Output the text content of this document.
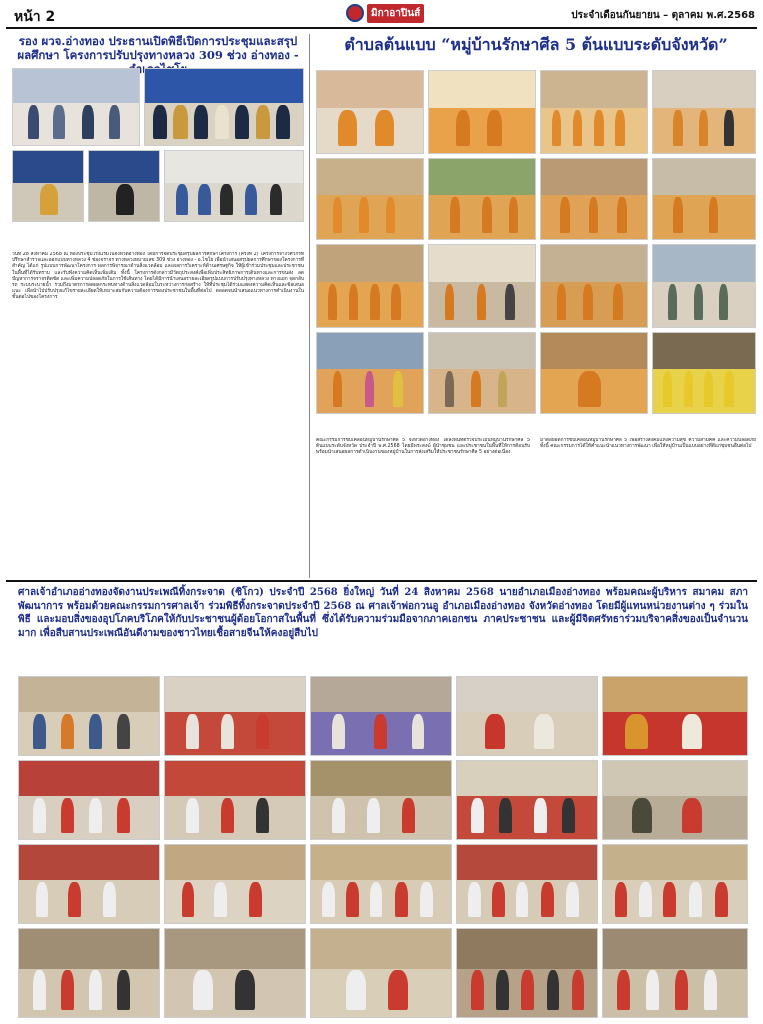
หน้า 2	มิกาอาปินส์	ประจำเดือนกันยายน – ตุลาคม พ.ศ.2568
รอง ผวจ.อ่างทอง ประธานเปิดพิธีเปิดการประชุมและสรุปผลศึกษา โครงการปรับปรุงทางหลวง 309 ช่วง อ่างทอง -
วันที่ 28 สิงหาคม 2568 ณ ห้องประชุมโรงแรมในจังหวัดอ่างทอง ได้มีการจัดประชุมสรุปผลการศึกษาโครงการ (ครั้งที่ 2) โครงการจ้างวิศวกรที่ปรึกษาสำรวจและออกแบบทางหลวง 4 ช่องจราจร ทางหลวงหมายเลข 309 ช่วง อ่างทอง - อ.ไชโย เพื่อนำเสนอสรุปผลการศึกษาของโครงการที่สำคัญ ได้แก่ รูปแบบการพัฒนาโครงการ ผลการพิจารณาด้านสิ่งแวดล้อม และผลการวิเคราะห์ด้านเศรษฐกิจ ให้ผู้เข้าร่วมประชุมและประชาชนในพื้นที่ได้รับทราบ และรับฟังความคิดเห็นเพิ่มเติม ทั้งนี้ โครงการดังกล่าวมีวัตถุประสงค์เพื่อเพิ่มประสิทธิภาพการเดินทางและการขนส่ง ลดปัญหาการจราจรติดขัด และเพิ่มความปลอดภัยในการใช้เส้นทาง โดยได้มีการนำเสนอรายละเอียดรูปแบบการปรับปรุงทางหลวง ทางแยก จุดกลับรถ ระบบระบายน้ำ รวมถึงมาตรการลดผลกระทบทางด้านสิ่งแวดล้อมในระหว่างการก่อสร้าง ให้ที่ประชุมได้ร่วมแสดงความคิดเห็นและข้อเสนอแนะ เพื่อนำไปปรับปรุงแก้ไขรายละเอียดให้เหมาะสมกับความต้องการของประชาชนในพื้นที่ต่อไป ตลอดจนนำเสนอแนวทางการดำเนินงานในขั้นต่อไปของโครงการ
ตำบลต้นแบบ “หมู่บ้านรักษาศีล 5 ต้นแบบระดับจังหวัด”
คณะกรรมการขับเคลื่อนหมู่บ้านรักษาศีล 5 จังหวัดอ่างทอง ได้ลงพื้นที่ตรวจประเมินหมู่บ้านรักษาศีล 5 ต้นแบบระดับจังหวัด ประจำปี พ.ศ.2568 โดยมีพระสงฆ์ ผู้นำชุมชน และประชาชนในพื้นที่ให้การต้อนรับ พร้อมนำเสนอผลการดำเนินงานของหมู่บ้านในการส่งเสริมให้ประชาชนรักษาศีล 5 อย่างต่อเนื่อง
มาต่อยอดการขับเคลื่อนหมู่บ้านรักษาศีล 5 เพื่อสร้างสังคมแห่งความสุข ความสามัคคี และความปลอดภัย ทั้งนี้ คณะกรรมการได้ให้คำแนะนำแนวทางการพัฒนา เพื่อให้หมู่บ้านเป็นแบบอย่างที่ดีแก่ชุมชนอื่นต่อไป
ศาลเจ้าอำเภออ่างทองจัดงานประเพณีทิ้งกระจาด (ซิโกว) ประจำปี 2568 ยิ่งใหญ่ วันที่ 24 สิงหาคม 2568 นายอำเภอเมืองอ่างทอง พร้อมคณะผู้บริหาร สมาคม สภาพัฒนาการ พร้อมด้วยคณะกรรมการศาลเจ้า ร่วมพิธีทิ้งกระจาดประจำปี 2568 ณ ศาลเจ้าพ่อกวนอู อำเภอเมืองอ่างทอง จังหวัดอ่างทอง โดยมีผู้แทนหน่วยงานต่าง ๆ ร่วมในพิธี และมอบสิ่งของอุปโภคบริโภคให้กับประชาชนผู้ด้อยโอกาสในพื้นที่ ซึ่งได้รับความร่วมมือจากภาคเอกชน ภาคประชาชน และผู้มีจิตศรัทธาร่วมบริจาคสิ่งของเป็นจำนวนมาก เพื่อสืบสานประเพณีอันดีงามของชาวไทยเชื้อสายจีนให้คงอยู่สืบไป
